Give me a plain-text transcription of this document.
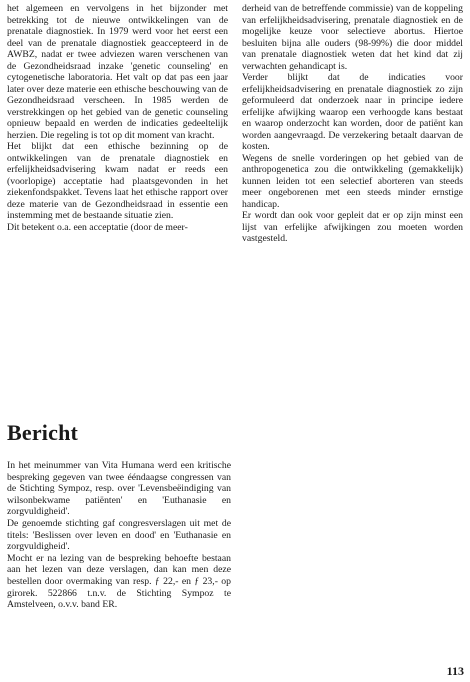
het algemeen en vervolgens in het bijzonder met betrekking tot de nieuwe ontwikkelingen van de prenatale diagnostiek. In 1979 werd voor het eerst een deel van de prenatale diagnostiek geaccepteerd in de AWBZ, nadat er twee adviezen waren verschenen van de Gezondheidsraad inzake 'genetic counseling' en cytogenetische laboratoria. Het valt op dat pas een jaar later over deze materie een ethische beschouwing van de Gezondheidsraad verscheen. In 1985 werden de verstrekkingen op het gebied van de genetic counseling opnieuw bepaald en werden de indicaties gedeeltelijk herzien. Die regeling is tot op dit moment van kracht.

Het blijkt dat een ethische bezinning op de ontwikkelingen van de prenatale diagnostiek en erfelijkheidsadvisering kwam nadat er reeds een (voorlopige) acceptatie had plaatsgevonden in het ziekenfondspakket. Tevens laat het ethische rapport over deze materie van de Gezondheidsraad in essentie een instemming met de bestaande situatie zien.

Dit betekent o.a. een acceptatie (door de meer-

derheid van de betreffende commissie) van de koppeling van erfelijkheidsadvisering, prenatale diagnostiek en de mogelijke keuze voor selectieve abortus. Hiertoe besluiten bijna alle ouders (98-99%) die door middel van prenatale diagnostiek weten dat het kind dat zij verwachten gehandicapt is.

Verder blijkt dat de indicaties voor erfelijkheidsadvisering en prenatale diagnostiek zo zijn geformuleerd dat onderzoek naar in principe iedere erfelijke afwijking waarop een verhoogde kans bestaat en waarop onderzocht kan worden, door de patiënt kan worden aangevraagd. De verzekering betaalt daarvan de kosten.

Wegens de snelle vorderingen op het gebied van de anthropogenetica zou die ontwikkeling (gemakkelijk) kunnen leiden tot een selectief aborteren van steeds meer ongeborenen met een steeds minder ernstige handicap.

Er wordt dan ook voor gepleit dat er op zijn minst een lijst van erfelijke afwijkingen zou moeten worden vastgesteld.

Bericht

In het meinummer van Vita Humana werd een kritische bespreking gegeven van twee ééndaagse congressen van de Stichting Sympoz, resp. over 'Levensbeëindiging van wilsonbekwame patiënten' en 'Euthanasie en zorgvuldigheid'.

De genoemde stichting gaf congresverslagen uit met de titels: 'Beslissen over leven en dood' en 'Euthanasie en zorgvuldigheid'.

Mocht er na lezing van de bespreking behoefte bestaan aan het lezen van deze verslagen, dan kan men deze bestellen door overmaking van resp. ƒ 22,- en ƒ 23,- op girorek. 522866 t.n.v. de Stichting Sympoz te Amstelveen, o.v.v. band ER.

113
